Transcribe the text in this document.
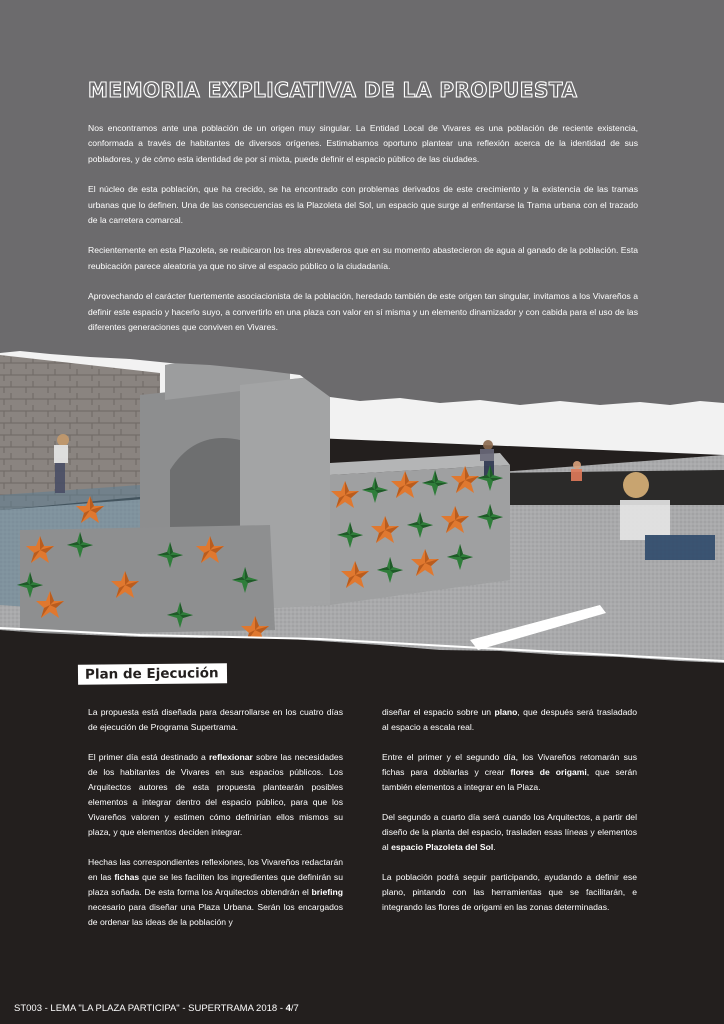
MEMORIA EXPLICATIVA DE LA PROPUESTA

Nos encontramos ante una población de un origen muy singular. La Entidad Local de Vivares es una población de reciente existencia, conformada a través de habitantes de diversos orígenes. Estimabamos oportuno plantear una reflexión acerca de la identidad de sus pobladores, y de cómo esta identidad de por sí mixta, puede definir el espacio público de las ciudades.

El núcleo de esta población, que ha crecido, se ha encontrado con problemas derivados de este crecimiento y la existencia de las tramas urbanas que lo definen. Una de las consecuencias es la Plazoleta del Sol, un espacio que surge al enfrentarse la Trama urbana con el trazado de la carretera comarcal.

Recientemente en esta Plazoleta, se reubicaron los tres abrevaderos que en su momento abastecieron de agua al ganado de la población. Esta reubicación parece aleatoria ya que no sirve al espacio público o la ciudadanía.

Aprovechando el carácter fuertemente asociacionista de la población, heredado también de este origen tan singular, invitamos a los Vivareños a definir este espacio y hacerlo suyo, a convertirlo en una plaza con valor en sí misma y un elemento dinamizador y con cabida para el uso de las diferentes generaciones que conviven en Vivares.

Plan de Ejecución

La propuesta está diseñada para desarrollarse en los cuatro días de ejecución de Programa Supertrama.

El primer día está destinado a reflexionar sobre las necesidades de los habitantes de Vivares en sus espacios públicos. Los Arquitectos autores de esta propuesta plantearán posibles elementos a integrar dentro del espacio público, para que los Vivareños valoren y estimen cómo definirían ellos mismos su plaza, y que elementos deciden integrar.

Hechas las correspondientes reflexiones, los Vivareños redactarán en las fichas que se les faciliten los ingredientes que definirán su plaza soñada. De esta forma los Arquitectos obtendrán el briefing necesario para diseñar una Plaza Urbana. Serán los encargados de ordenar las ideas de la población y

diseñar el espacio sobre un plano, que después será trasladado al espacio a escala real.

Entre el primer y el segundo día, los Vivareños retomarán sus fichas para doblarlas y crear flores de origami, que serán también elementos a integrar en la Plaza.

Del segundo a cuarto día será cuando los Arquitectos, a partir del diseño de la planta del espacio, trasladen esas líneas y elementos al espacio Plazoleta del Sol.

La población podrá seguir participando, ayudando a definir ese plano, pintando con las herramientas que se facilitarán, e integrando las flores de origami en las zonas determinadas.

ST003 - LEMA "LA PLAZA PARTICIPA" - SUPERTRAMA 2018 - 4/7
